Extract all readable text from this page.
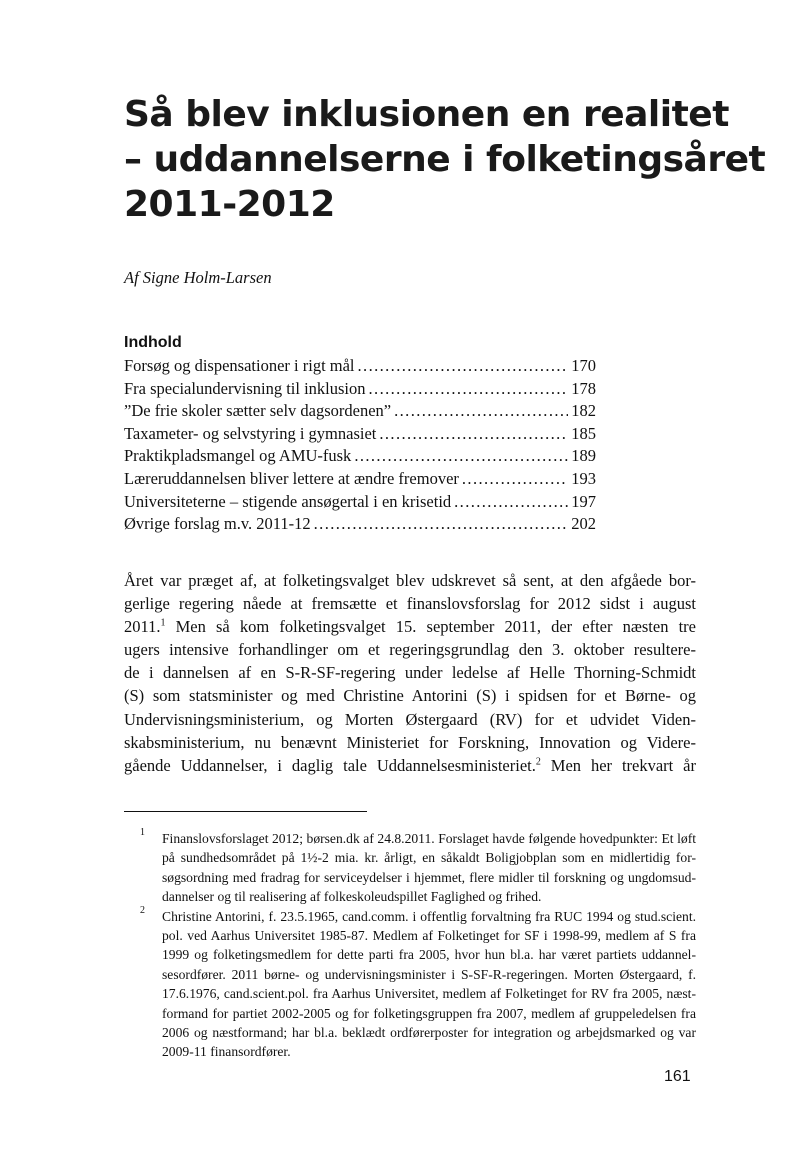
Så blev inklusionen en realitet
– uddannelserne i folketingsåret
2011-2012
Af Signe Holm-Larsen
Indhold
Forsøg og dispensationer i rigt mål .....	170
Fra specialundervisning til inklusion .....	178
”De frie skoler sætter selv dagsordenen” .....	182
Taxameter- og selvstyring i gymnasiet .....	185
Praktikpladsmangel og AMU-fusk .....	189
Læreruddannelsen bliver lettere at ændre fremover .....	193
Universiteterne – stigende ansøgertal i en krisetid .....	197
Øvrige forslag m.v. 2011-12 .....	202

Året var præget af, at folketingsvalget blev udskrevet så sent, at den afgåede bor-
gerlige regering nåede at fremsætte et finanslovsforslag for 2012 sidst i august
2011.$^1$ Men så kom folketingsvalget 15. september 2011, der efter næsten tre
ugers intensive forhandlinger om et regeringsgrundlag den 3. oktober resultere-
de i dannelsen af en S-R-SF-regering under ledelse af Helle Thorning-Schmidt
(S) som statsminister og med Christine Antorini (S) i spidsen for et Børne- og
Undervisningsministerium, og Morten Østergaard (RV) for et udvidet Viden-
skabsministerium, nu benævnt Ministeriet for Forskning, Innovation og Videre-
gående Uddannelser, i daglig tale Uddannelsesministeriet.$^2$ Men her trekvart år

1 Finanslovsforslaget 2012; børsen.dk af 24.8.2011. Forslaget havde følgende hovedpunkter: Et løft
på sundhedsområdet på 1½-2 mia. kr. årligt, en såkaldt Boligjobplan som en midlertidig for-
søgsordning med fradrag for serviceydelser i hjemmet, flere midler til forskning og ungdomsud-
dannelser og til realisering af folkeskoleudspillet Faglighed og frihed.
2 Christine Antorini, f. 23.5.1965, cand.comm. i offentlig forvaltning fra RUC 1994 og stud.scient.
pol. ved Aarhus Universitet 1985-87. Medlem af Folketinget for SF i 1998-99, medlem af S fra
1999 og folketingsmedlem for dette parti fra 2005, hvor hun bl.a. har været partiets uddannel-
sesordfører. 2011 børne- og undervisningsminister i S-SF-R-regeringen. Morten Østergaard, f.
17.6.1976, cand.scient.pol. fra Aarhus Universitet, medlem af Folketinget for RV fra 2005, næst-
formand for partiet 2002-2005 og for folketingsgruppen fra 2007, medlem af gruppeledelsen fra
2006 og næstformand; har bl.a. beklædt ordførerposter for integration og arbejdsmarked og var
2009-11 finansordfører.
161
